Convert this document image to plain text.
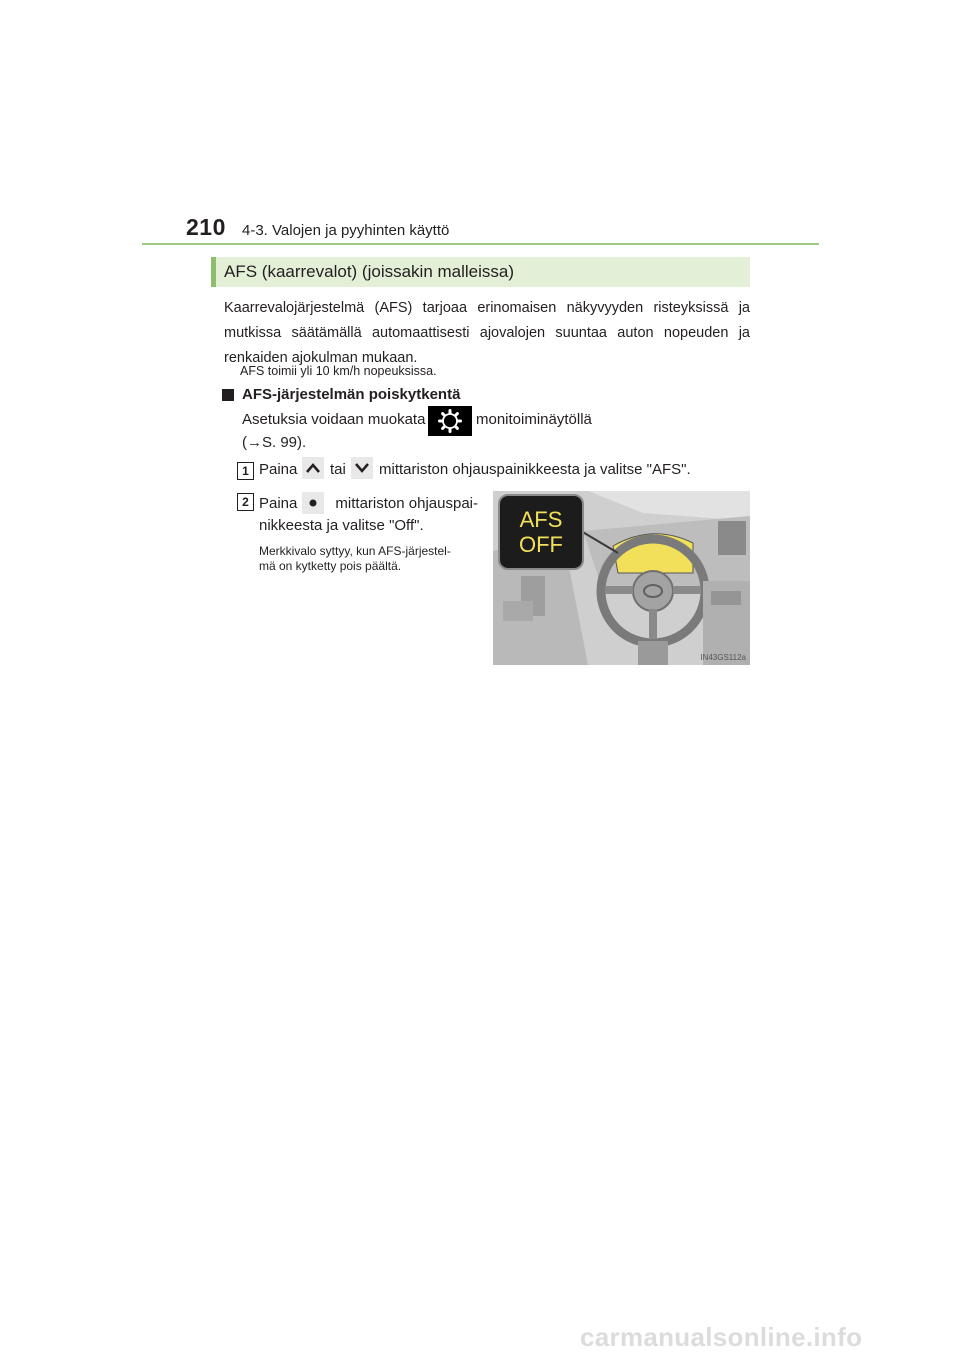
210 4-3. Valojen ja pyyhinten käyttö
AFS (kaarrevalot) (joissakin malleissa)
Kaarrevalojärjestelmä (AFS) tarjoaa erinomaisen näkyvyyden risteyksissä ja
mutkissa säätämällä automaattisesti ajovalojen suuntaa auton nopeuden ja
renkaiden ajokulman mukaan.
AFS toimii yli 10 km/h nopeuksissa.
AFS-järjestelmän poiskytkentä
Asetuksia voidaan muokata	monitoiminäytöllä
(→S. 99).
1 Paina tai mittariston ohjauspainikkeesta ja valitse "AFS".
2 Paina	mittariston ohjauspai-
nikkeesta ja valitse "Off".
Merkkivalo syttyy, kun AFS-järjestel-
mä on kytketty pois päältä.
AFS
OFF
IN43GS112a
carmanualsonline.info
